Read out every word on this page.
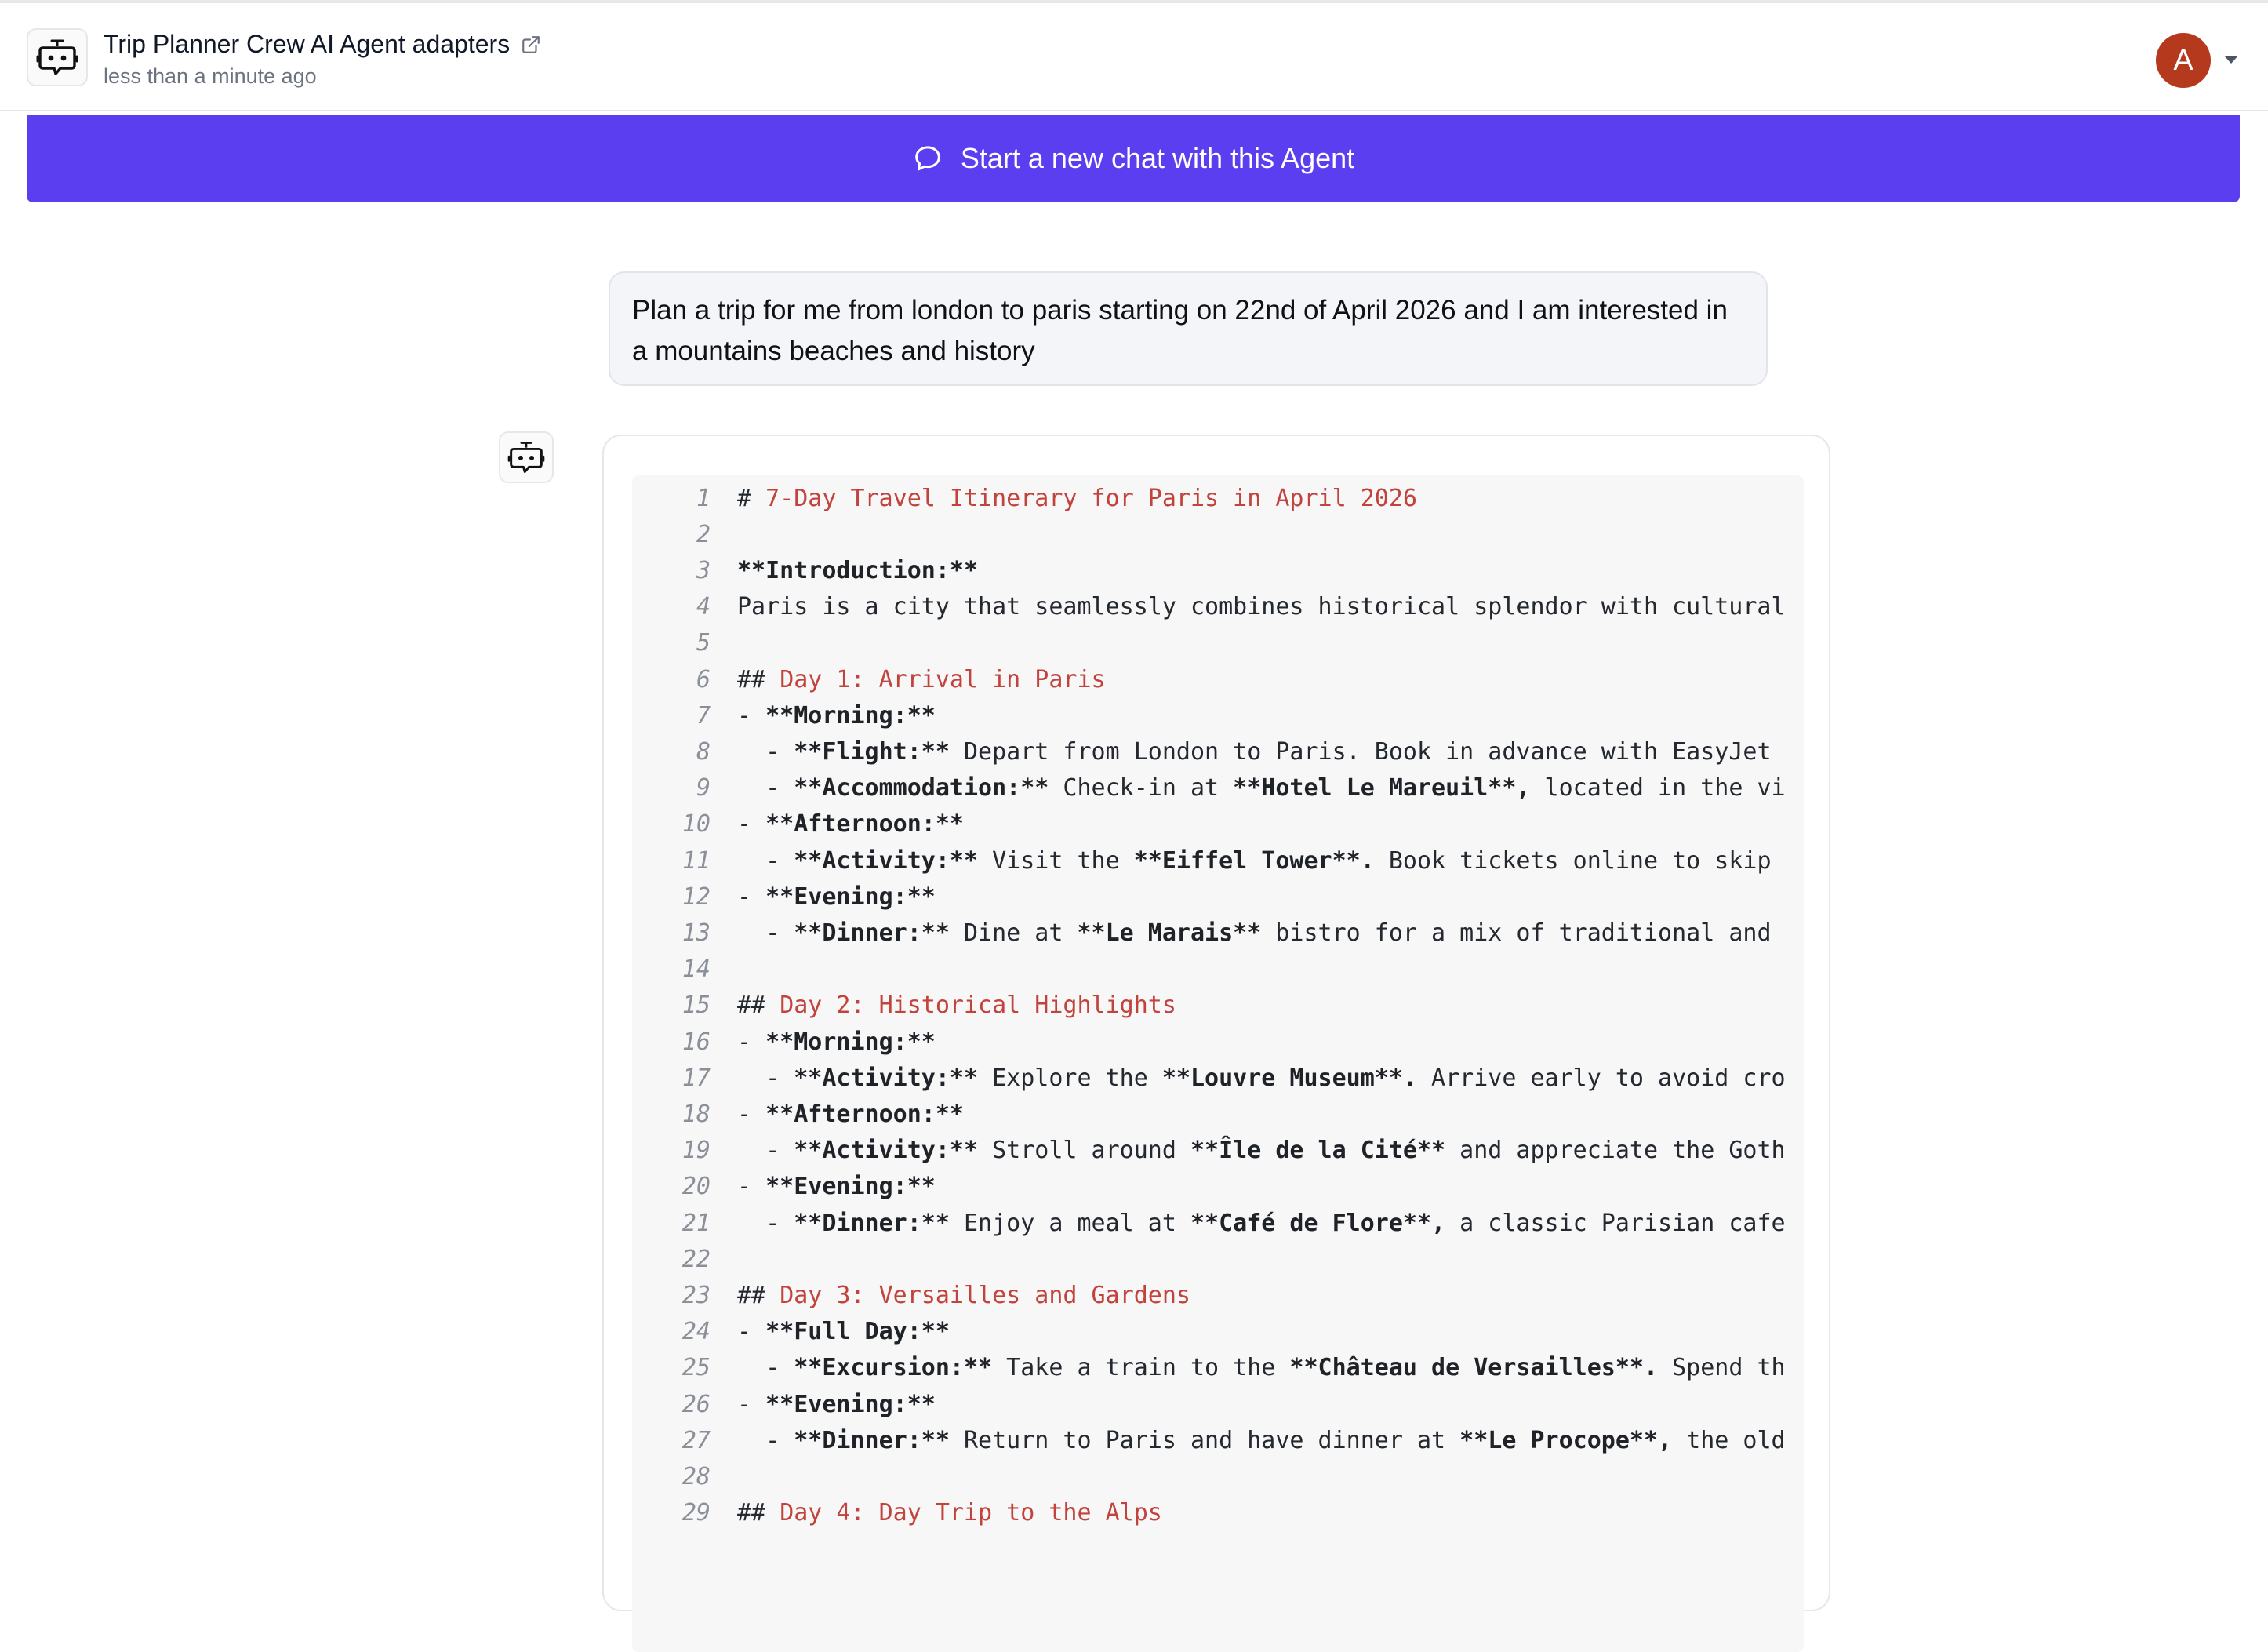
Trip Planner Crew AI Agent adapters
less than a minute ago	A
Start a new chat with this Agent
Plan a trip for me from london to paris starting on 22nd of April 2026 and I am interested in a mountains beaches and history
1 # 7-Day Travel Itinerary for Paris in April 2026
2
3 **Introduction:**
4 Paris is a city that seamlessly combines historical splendor with cultural
5
6 ## Day 1: Arrival in Paris
7 - **Morning:**
8 - **Flight:** Depart from London to Paris. Book in advance with EasyJet
9 - **Accommodation:** Check-in at **Hotel Le Mareuil**, located in the vi
10 - **Afternoon:**
11 - **Activity:** Visit the **Eiffel Tower**. Book tickets online to skip
12 - **Evening:**
13 - **Dinner:** Dine at **Le Marais** bistro for a mix of traditional and
14
15 ## Day 2: Historical Highlights
16 - **Morning:**
17 - **Activity:** Explore the **Louvre Museum**. Arrive early to avoid cro
18 - **Afternoon:**
19 - **Activity:** Stroll around **Île de la Cité** and appreciate the Goth
20 - **Evening:**
21 - **Dinner:** Enjoy a meal at **Café de Flore**, a classic Parisian cafe
22
23 ## Day 3: Versailles and Gardens
24 - **Full Day:**
25 - **Excursion:** Take a train to the **Château de Versailles**. Spend th
26 - **Evening:**
27 - **Dinner:** Return to Paris and have dinner at **Le Procope**, the old
28
29 ## Day 4: Day Trip to the Alps
